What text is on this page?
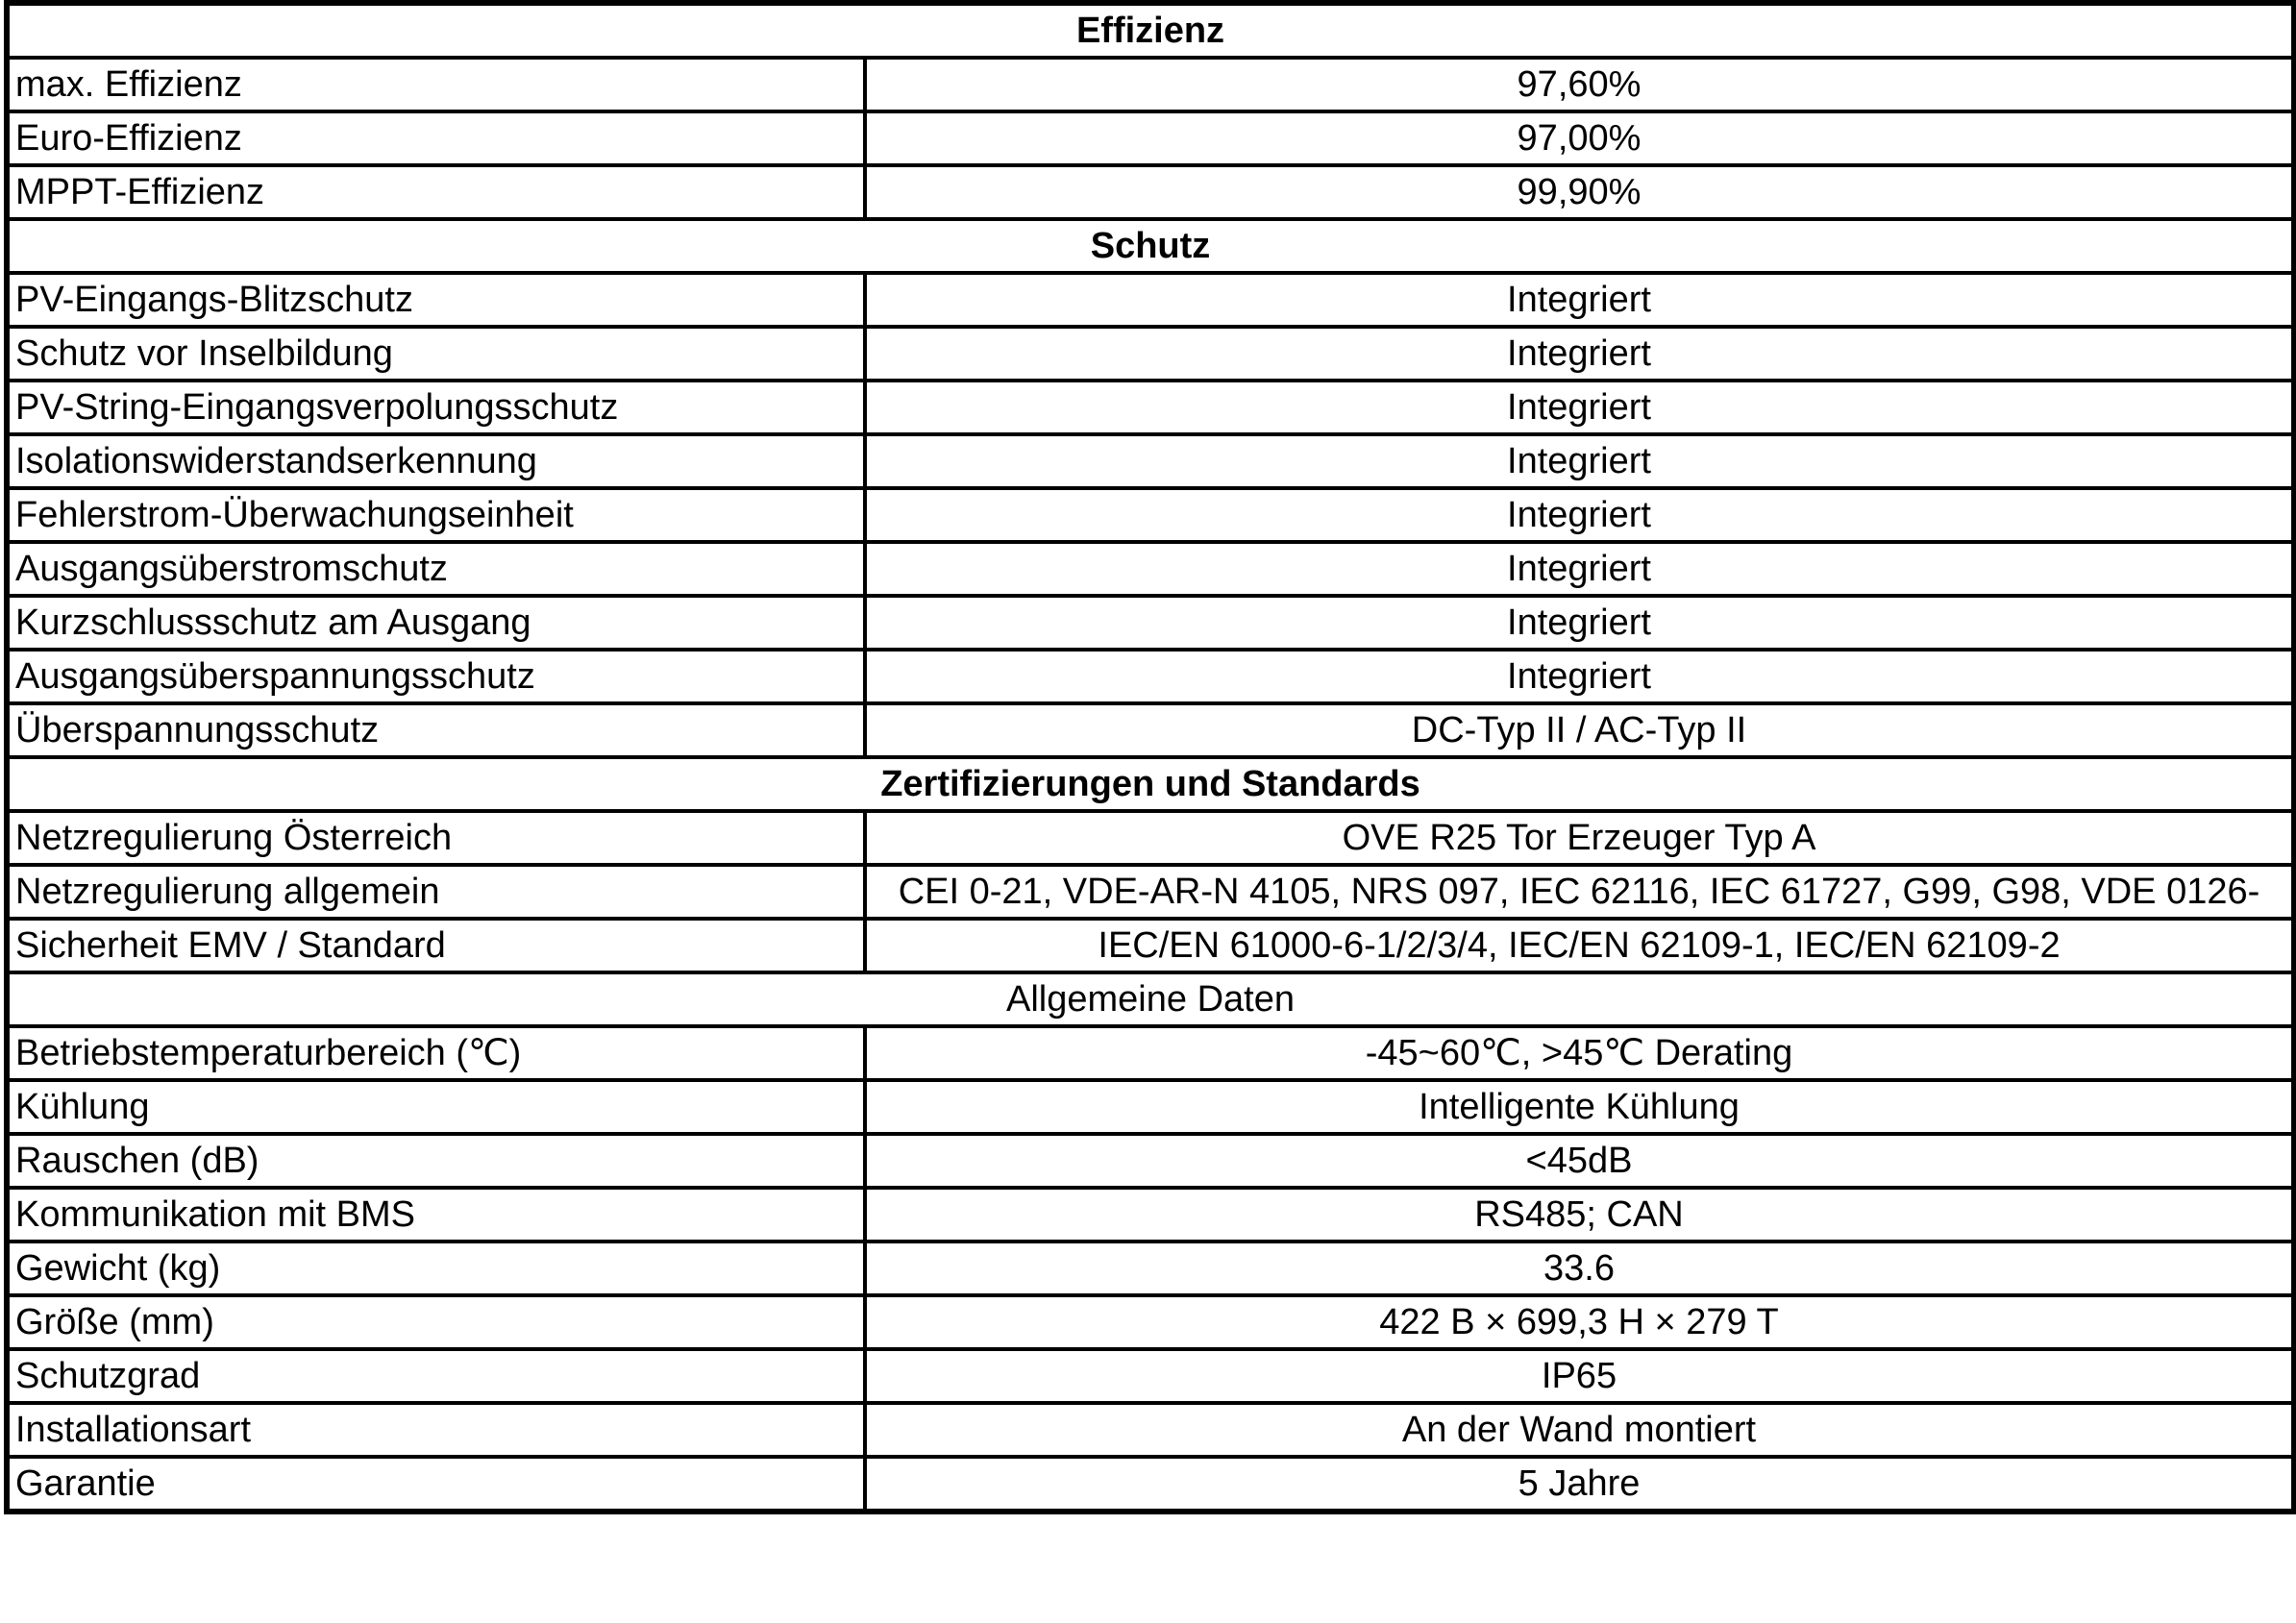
Effizienz	
max. Effizienz	97,60%
Euro-Effizienz	97,00%
MPPT-Effizienz	99,90%
Schutz	
PV-Eingangs-Blitzschutz	Integriert
Schutz vor Inselbildung	Integriert
PV-String-Eingangsverpolungsschutz	Integriert
Isolationswiderstandserkennung	Integriert
Fehlerstrom-Überwachungseinheit	Integriert
Ausgangsüberstromschutz	Integriert
Kurzschlussschutz am Ausgang	Integriert
Ausgangsüberspannungsschutz	Integriert
Überspannungsschutz	DC-Typ II / AC-Typ II
Zertifizierungen und Standards	
Netzregulierung Österreich	OVE R25 Tor Erzeuger Typ A
Netzregulierung allgemein	CEI 0-21, VDE-AR-N 4105, NRS 097, IEC 62116, IEC 61727, G99, G98, VDE 0126-
Sicherheit EMV / Standard	IEC/EN 61000-6-1/2/3/4, IEC/EN 62109-1, IEC/EN 62109-2
Allgemeine Daten	
Betriebstemperaturbereich (℃)	-45~60℃, >45℃ Derating
Kühlung	Intelligente Kühlung
Rauschen (dB)	<45dB
Kommunikation mit BMS	RS485; CAN
Gewicht (kg)	33.6
Größe (mm)	422 B × 699,3 H × 279 T
Schutzgrad	IP65
Installationsart	An der Wand montiert
Garantie	5 Jahre
